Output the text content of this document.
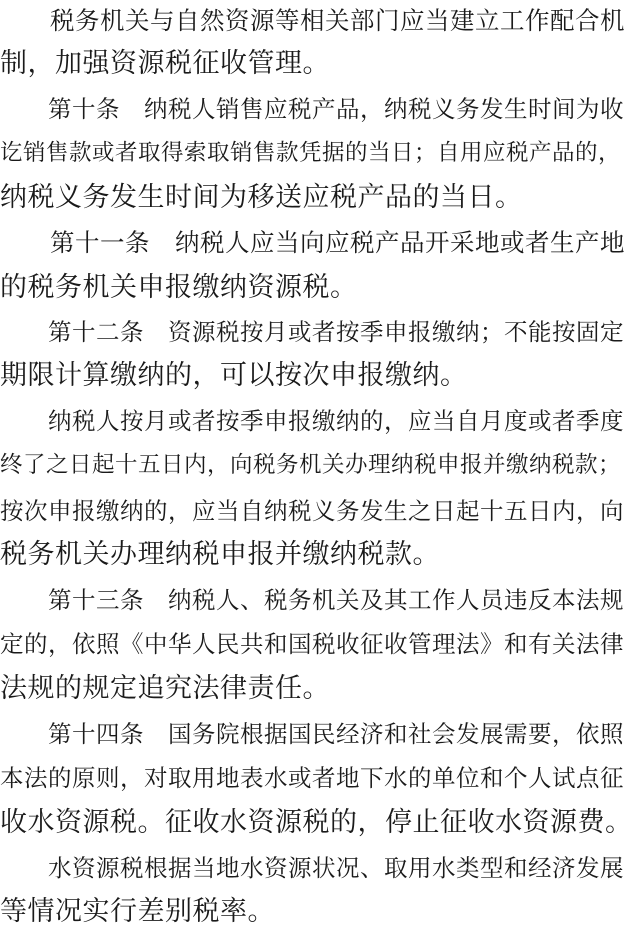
　　税务机关与自然资源等相关部门应当建立工作配合机
制，加强资源税征收管理。
　　第十条　纳税人销售应税产品，纳税义务发生时间为收
讫销售款或者取得索取销售款凭据的当日；自用应税产品的，
纳税义务发生时间为移送应税产品的当日。
　　第十一条　纳税人应当向应税产品开采地或者生产地
的税务机关申报缴纳资源税。
　　第十二条　资源税按月或者按季申报缴纳；不能按固定
期限计算缴纳的，可以按次申报缴纳。
　　纳税人按月或者按季申报缴纳的，应当自月度或者季度
终了之日起十五日内，向税务机关办理纳税申报并缴纳税款；
按次申报缴纳的，应当自纳税义务发生之日起十五日内，向
税务机关办理纳税申报并缴纳税款。
　　第十三条　纳税人、税务机关及其工作人员违反本法规
定的，依照《中华人民共和国税收征收管理法》和有关法律
法规的规定追究法律责任。
　　第十四条　国务院根据国民经济和社会发展需要，依照
本法的原则，对取用地表水或者地下水的单位和个人试点征
收水资源税。征收水资源税的，停止征收水资源费。
　　水资源税根据当地水资源状况、取用水类型和经济发展
等情况实行差别税率。
